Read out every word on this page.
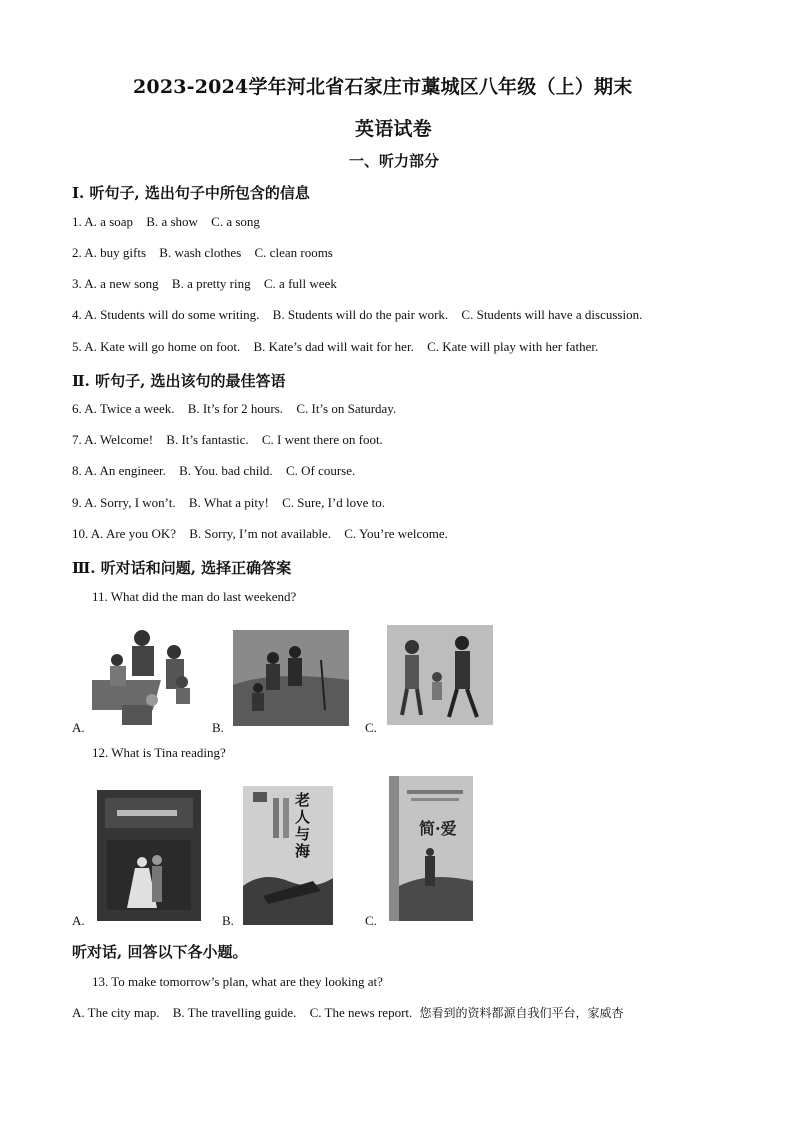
2023-2024学年河北省石家庄市藁城区八年级（上）期末
英语试卷
一、听力部分
I. 听句子, 选出句子中所包含的信息
1. A. a soap B. a show C. a song
2. A. buy gifts B. wash clothes C. clean rooms
3. A. a new song B. a pretty ring C. a full week
4. A. Students will do some writing. B. Students will do the pair work. C. Students will have a discussion.
5. A. Kate will go home on foot. B. Kate’s dad will wait for her. C. Kate will play with her father.
Ⅱ. 听句子, 选出该句的最佳答语
6. A. Twice a week. B. It’s for 2 hours. C. It’s on Saturday.
7. A. Welcome! B. It’s fantastic. C. I went there on foot.
8. A. An engineer. B. You. bad child. C. Of course.
9. A. Sorry, I won’t. B. What a pity! C. Sure, I’d love to.
10. A. Are you OK? B. Sorry, I’m not available. C. You’re welcome.
Ⅲ. 听对话和问题, 选择正确答案
11. What did the man do last weekend?
A.	B.	C.
12. What is Tina reading?
A.	B.
老人与海
C.
简·爱
听对话, 回答以下各小题。
13. To make tomorrow’s plan, what are they looking at?
A. The city map. B. The travelling guide. C. The news report. 您看到的资料都源自我们平台，家威杏
